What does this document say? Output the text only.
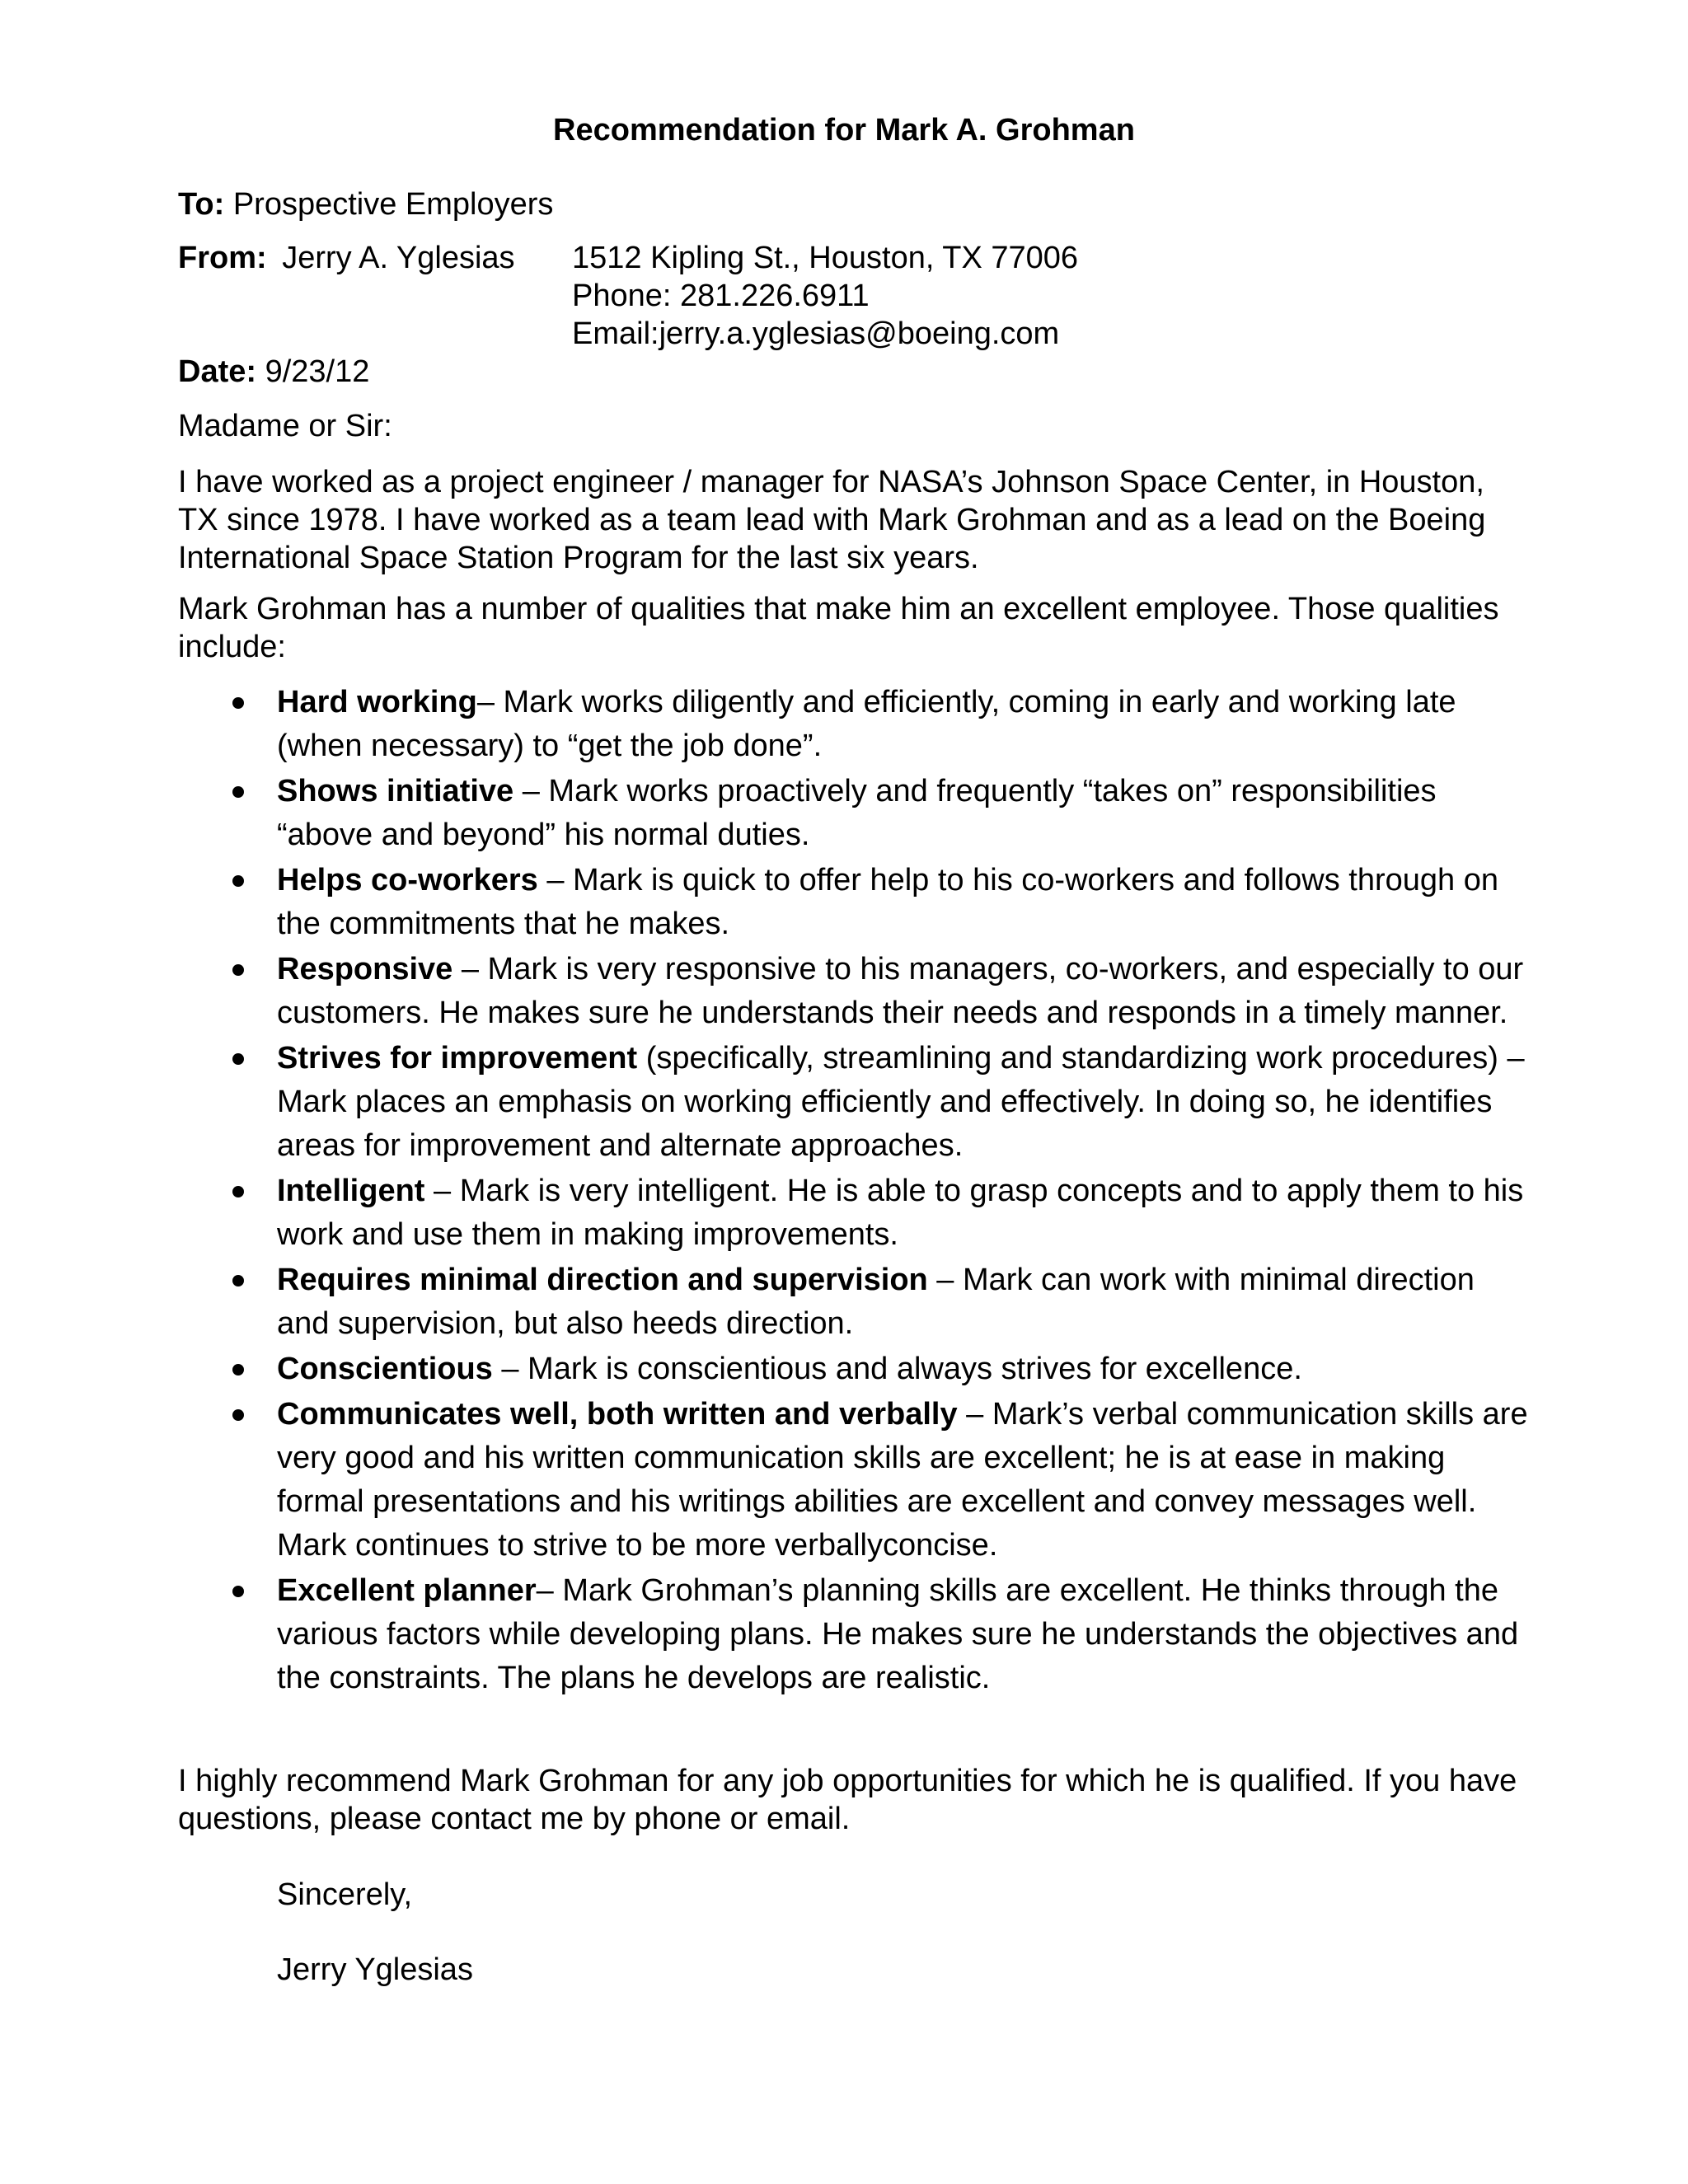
Recommendation for Mark A. Grohman
To: Prospective Employers
From: Jerry A. Yglesias 1512 Kipling St., Houston, TX 77006
Phone: 281.226.6911
Email:jerry.a.yglesias@boeing.com
Date: 9/23/12
Madame or Sir:

I have worked as a project engineer / manager for NASA’s Johnson Space Center, in Houston, TX since 1978. I have worked as a team lead with Mark Grohman and as a lead on the Boeing International Space Station Program for the last six years.

Mark Grohman has a number of qualities that make him an excellent employee. Those qualities include:

Hard working– Mark works diligently and efficiently, coming in early and working late (when necessary) to “get the job done”.
Shows initiative – Mark works proactively and frequently “takes on” responsibilities “above and beyond” his normal duties.
Helps co-workers – Mark is quick to offer help to his co-workers and follows through on the commitments that he makes.
Responsive – Mark is very responsive to his managers, co-workers, and especially to our customers. He makes sure he understands their needs and responds in a timely manner.
Strives for improvement (specifically, streamlining and standardizing work procedures) – Mark places an emphasis on working efficiently and effectively. In doing so, he identifies areas for improvement and alternate approaches.
Intelligent – Mark is very intelligent. He is able to grasp concepts and to apply them to his work and use them in making improvements.
Requires minimal direction and supervision – Mark can work with minimal direction and supervision, but also heeds direction.
Conscientious – Mark is conscientious and always strives for excellence.
Communicates well, both written and verbally – Mark’s verbal communication skills are very good and his written communication skills are excellent; he is at ease in making formal presentations and his writings abilities are excellent and convey messages well. Mark continues to strive to be more verballyconcise.
Excellent planner– Mark Grohman’s planning skills are excellent. He thinks through the various factors while developing plans. He makes sure he understands the objectives and the constraints. The plans he develops are realistic.

I highly recommend Mark Grohman for any job opportunities for which he is qualified. If you have questions, please contact me by phone or email.

Sincerely,
Jerry Yglesias
